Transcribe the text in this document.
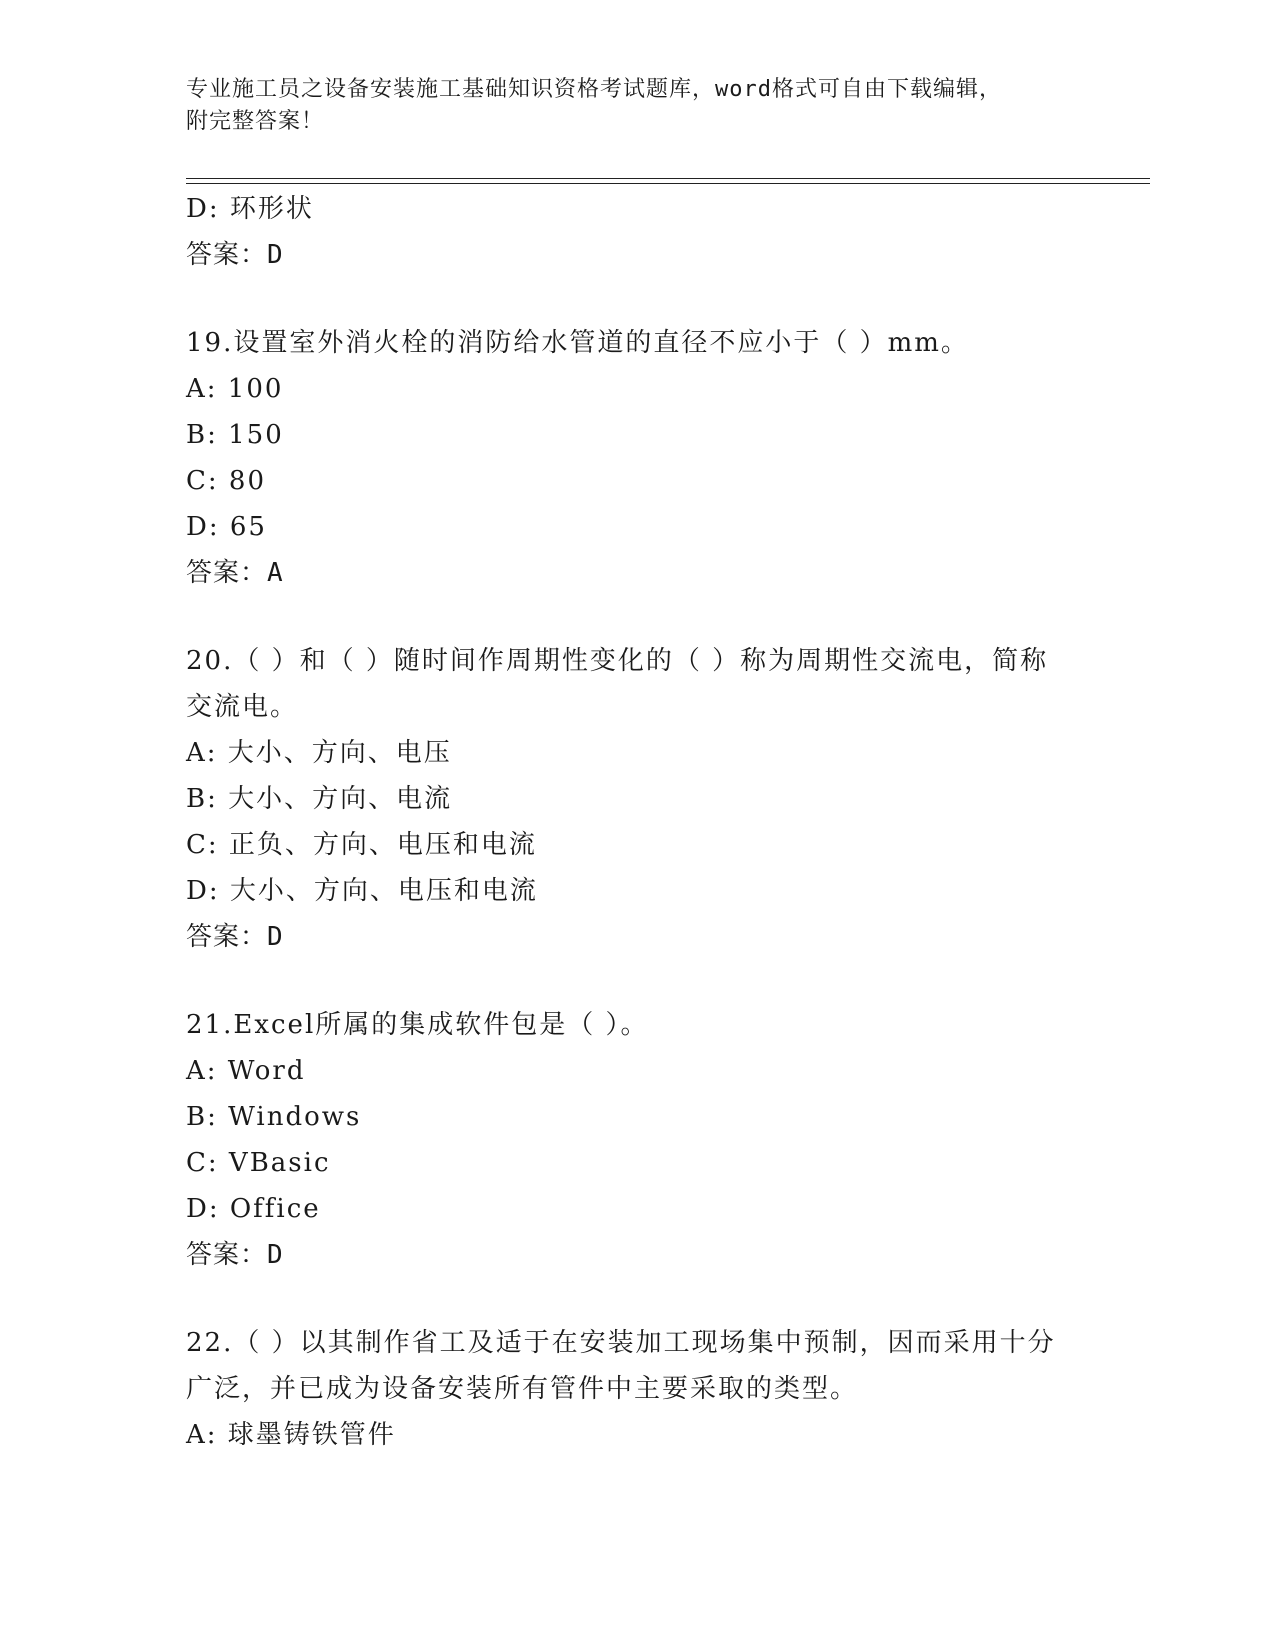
专业施工员之设备安装施工基础知识资格考试题库，word格式可自由下载编辑，
附完整答案！
D: 环形状
答案：D
19.设置室外消火栓的消防给水管道的直径不应小于（ ）mm。
A: 100
B: 150
C: 80
D: 65
答案：A
20.（ ）和（ ）随时间作周期性变化的（ ）称为周期性交流电，简称交流电。
A: 大小、方向、电压
B: 大小、方向、电流
C: 正负、方向、电压和电流
D: 大小、方向、电压和电流
答案：D
21.Excel所属的集成软件包是（ ）。
A: Word
B: Windows
C: VBasic
D: Office
答案：D
22.（ ）以其制作省工及适于在安装加工现场集中预制，因而采用十分广泛，并已成为设备安装所有管件中主要采取的类型。
A: 球墨铸铁管件
